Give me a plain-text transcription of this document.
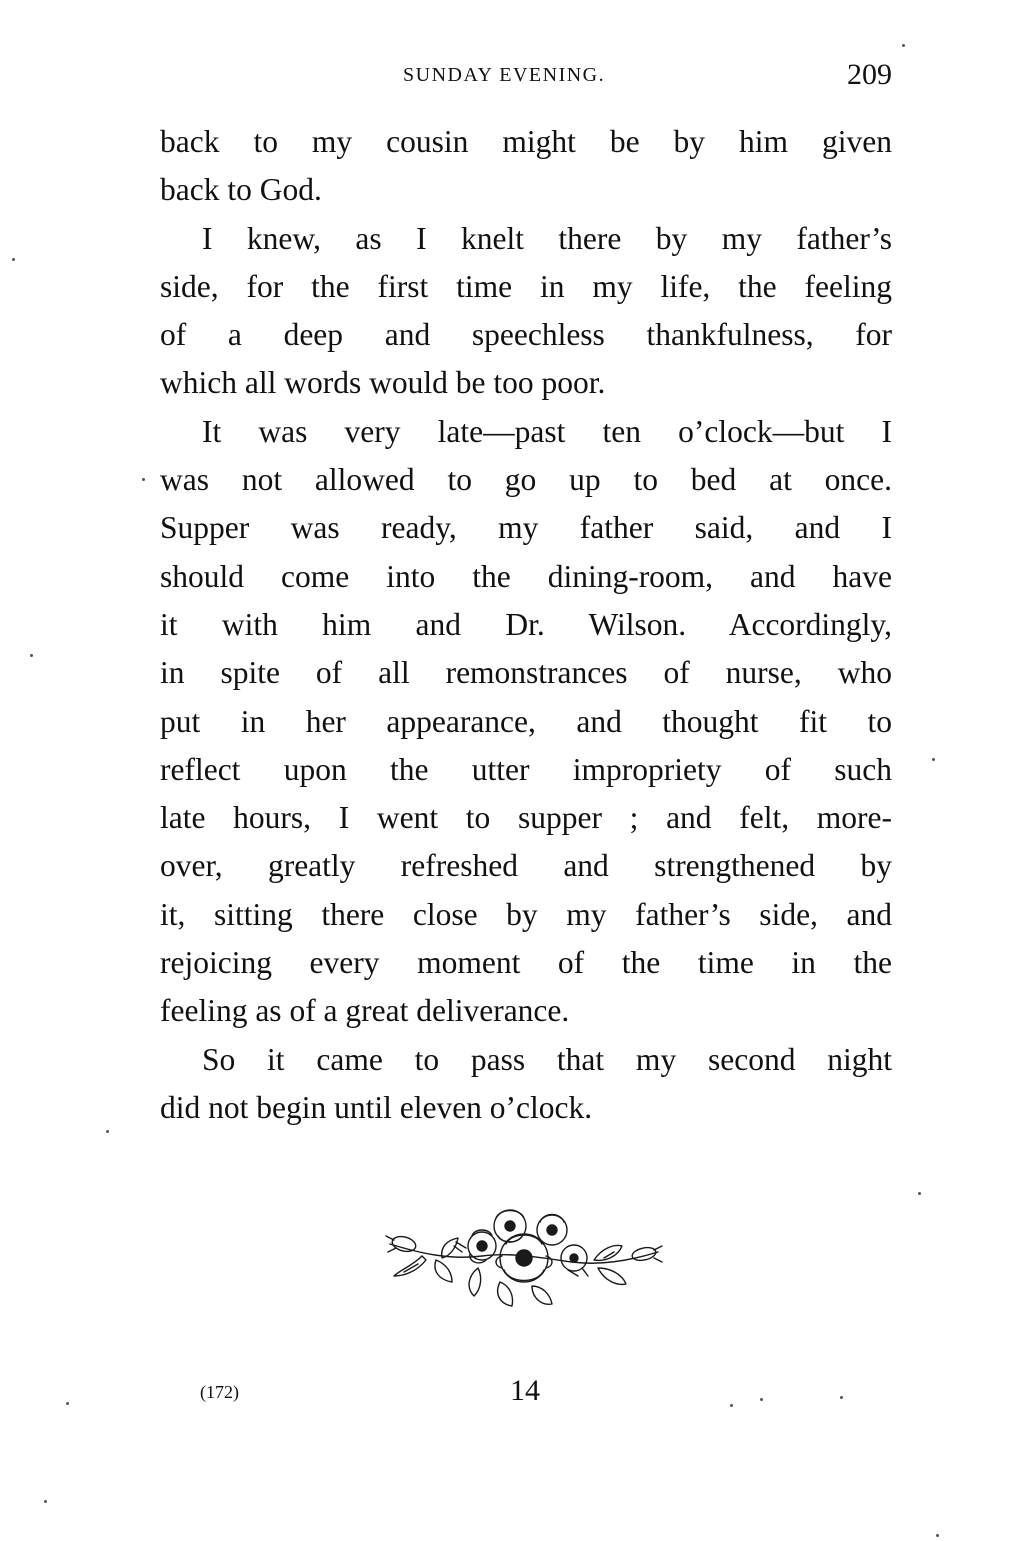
SUNDAY EVENING.	209
back to my cousin might be by him given
back to God.
I knew, as I knelt there by my father’s
side, for the first time in my life, the feeling
of a deep and speechless thankfulness, for
which all words would be too poor.
It was very late—past ten o’clock—but I
was not allowed to go up to bed at once.
Supper was ready, my father said, and I
should come into the dining-room, and have
it with him and Dr. Wilson. Accordingly,
in spite of all remonstrances of nurse, who
put in her appearance, and thought fit to
reflect upon the utter impropriety of such
late hours, I went to supper ; and felt, more-
over, greatly refreshed and strengthened by
it, sitting there close by my father’s side, and
rejoicing every moment of the time in the
feeling as of a great deliverance.
So it came to pass that my second night
did not begin until eleven o’clock.
(172)	14
